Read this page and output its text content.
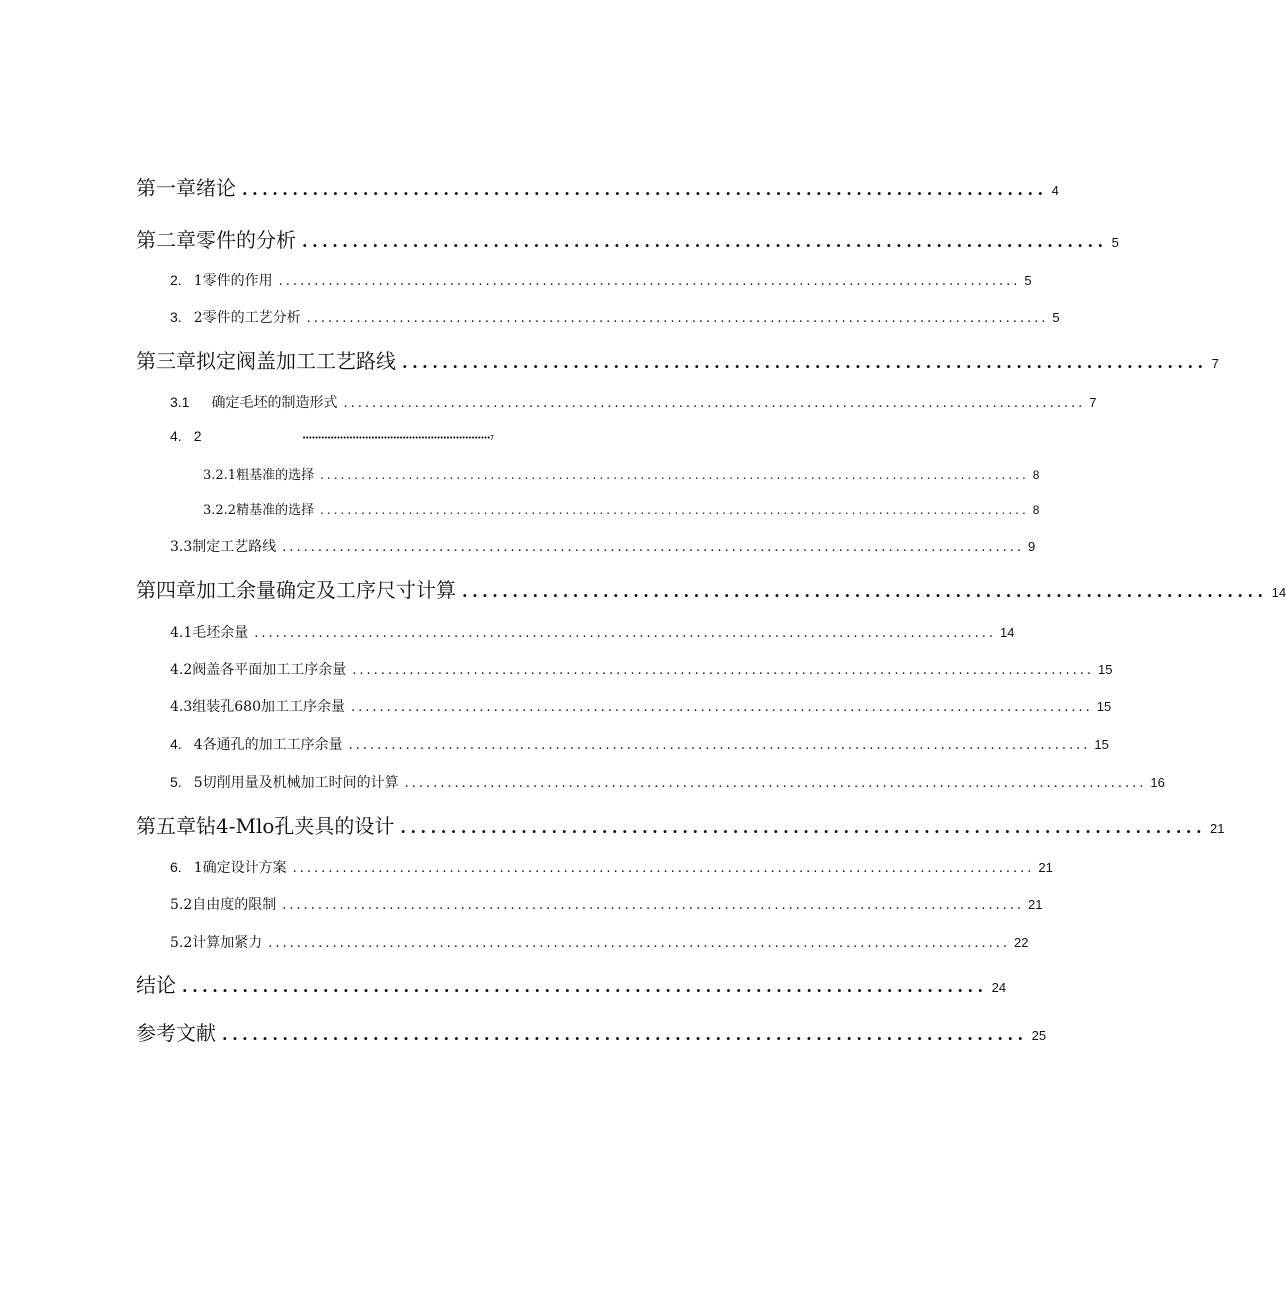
第一章绪论 ................................................................................ 4
第二章零件的分析 ................................................................................ 5
2. 1零件的作用 ........................................................................................................ 5
3. 2零件的工艺分析 ........................................................................................................ 5
第三章拟定阀盖加工工艺路线 ................................................................................ 7
3.1 确定毛坯的制造形式 ........................................................................................................ 7
4. 2	••••••••••••••••••••••••••••••••••••••••••••••••••••••••••••7
3.2.1粗基准的选择 ........................................................................................................ 8
3.2.2精基准的选择 ........................................................................................................ 8
3.3制定工艺路线 ........................................................................................................ 9
第四章加工余量确定及工序尺寸计算 ................................................................................ 14
4.1毛坯余量 ........................................................................................................ 14
4.2阀盖各平面加工工序余量 ........................................................................................................ 15
4.3组装孔680加工工序余量 ........................................................................................................ 15
4. 4各通孔的加工工序余量 ........................................................................................................ 15
5. 5切削用量及机械加工时间的计算 ........................................................................................................ 16
第五章钻4-Mlo孔夹具的设计 ................................................................................ 21
6. 1确定设计方案 ........................................................................................................ 21
5.2自由度的限制 ........................................................................................................ 21
5.2计算加紧力 ........................................................................................................ 22
结论 ................................................................................ 24
参考文献 ................................................................................ 25
